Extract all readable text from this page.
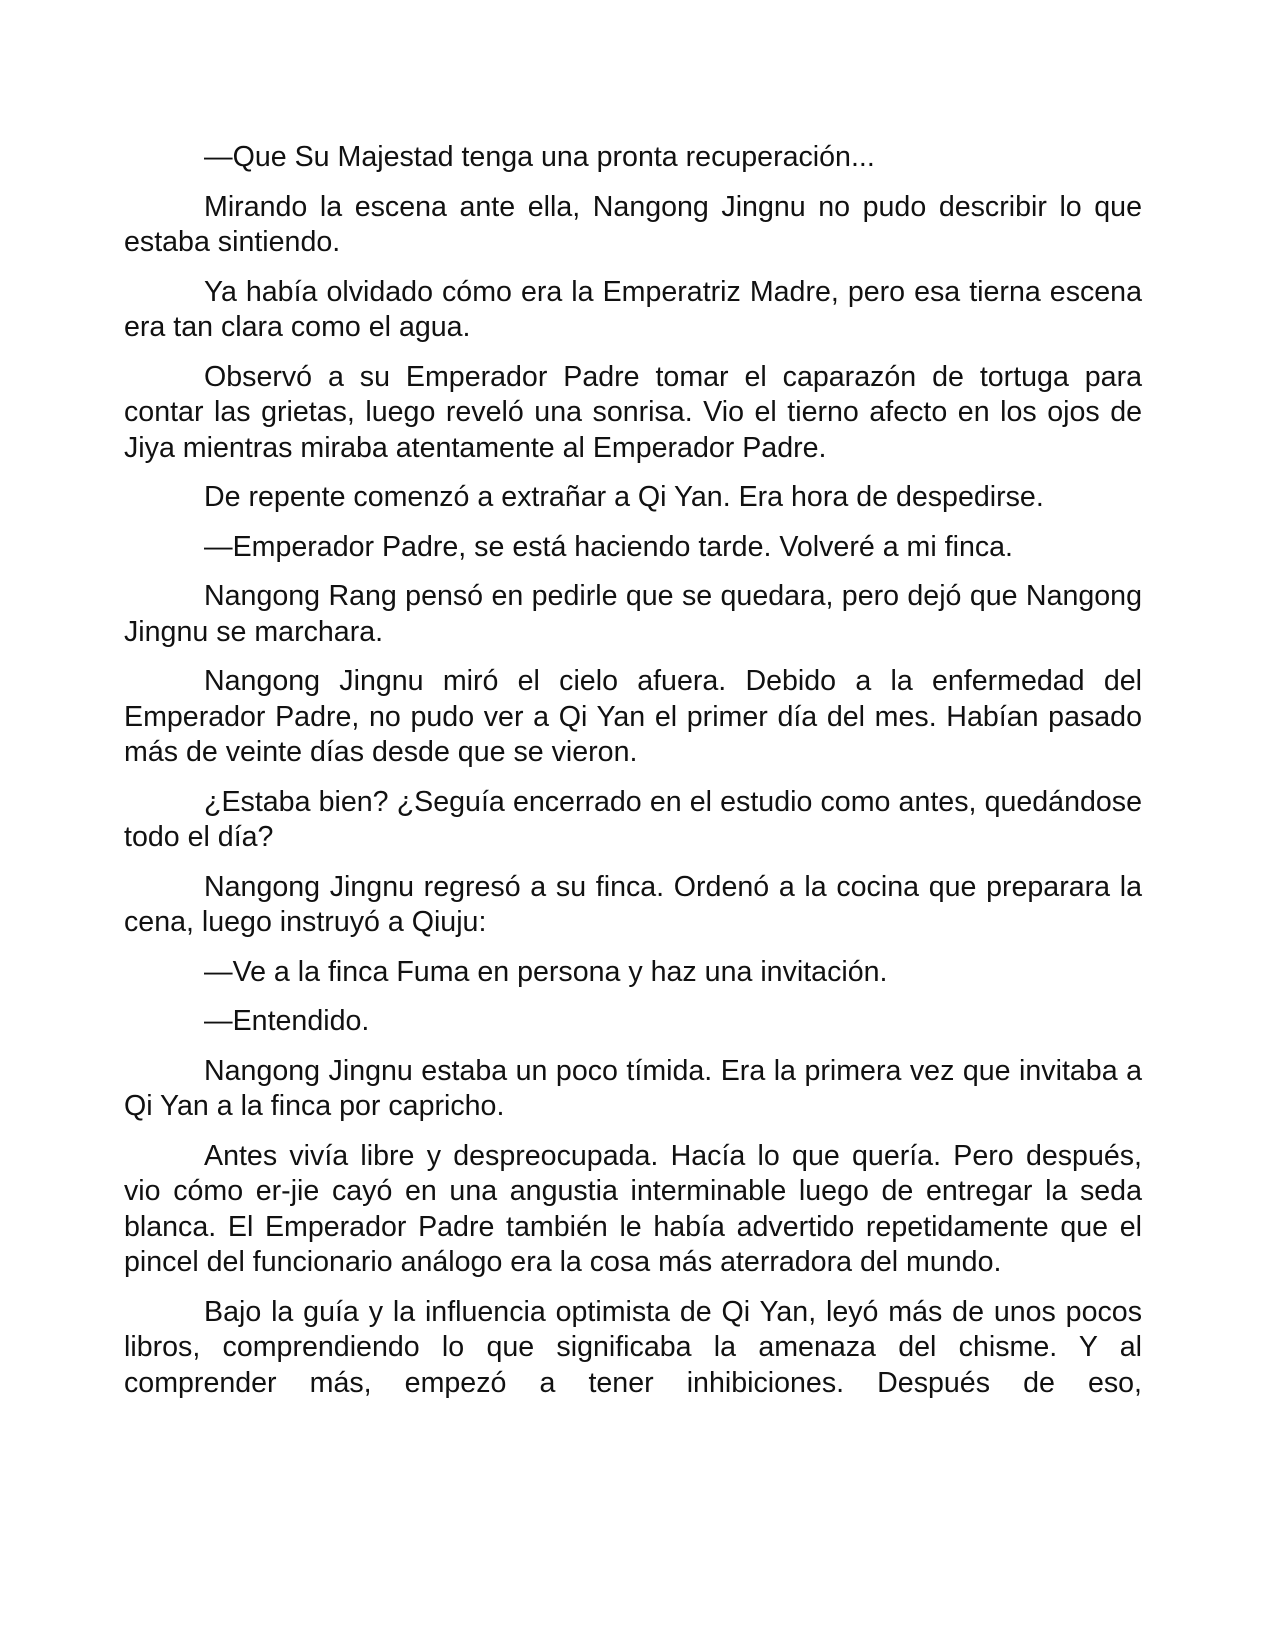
—Que Su Majestad tenga una pronta recuperación...

Mirando la escena ante ella, Nangong Jingnu no pudo describir lo que estaba sintiendo.

Ya había olvidado cómo era la Emperatriz Madre, pero esa tierna escena era tan clara como el agua.

Observó a su Emperador Padre tomar el caparazón de tortuga para contar las grietas, luego reveló una sonrisa. Vio el tierno afecto en los ojos de Jiya mientras miraba atentamente al Emperador Padre.

De repente comenzó a extrañar a Qi Yan. Era hora de despedirse.

—Emperador Padre, se está haciendo tarde. Volveré a mi finca.

Nangong Rang pensó en pedirle que se quedara, pero dejó que Nangong Jingnu se marchara.

Nangong Jingnu miró el cielo afuera. Debido a la enfermedad del Emperador Padre, no pudo ver a Qi Yan el primer día del mes. Habían pasado más de veinte días desde que se vieron.

¿Estaba bien? ¿Seguía encerrado en el estudio como antes, quedándose todo el día?

Nangong Jingnu regresó a su finca. Ordenó a la cocina que preparara la cena, luego instruyó a Qiuju:

—Ve a la finca Fuma en persona y haz una invitación.

—Entendido.

Nangong Jingnu estaba un poco tímida. Era la primera vez que invitaba a Qi Yan a la finca por capricho.

Antes vivía libre y despreocupada. Hacía lo que quería. Pero después, vio cómo er-jie cayó en una angustia interminable luego de entregar la seda blanca. El Emperador Padre también le había advertido repetidamente que el pincel del funcionario análogo era la cosa más aterradora del mundo.

Bajo la guía y la influencia optimista de Qi Yan, leyó más de unos pocos libros, comprendiendo lo que significaba la amenaza del chisme. Y al comprender más, empezó a tener inhibiciones. Después de eso,
